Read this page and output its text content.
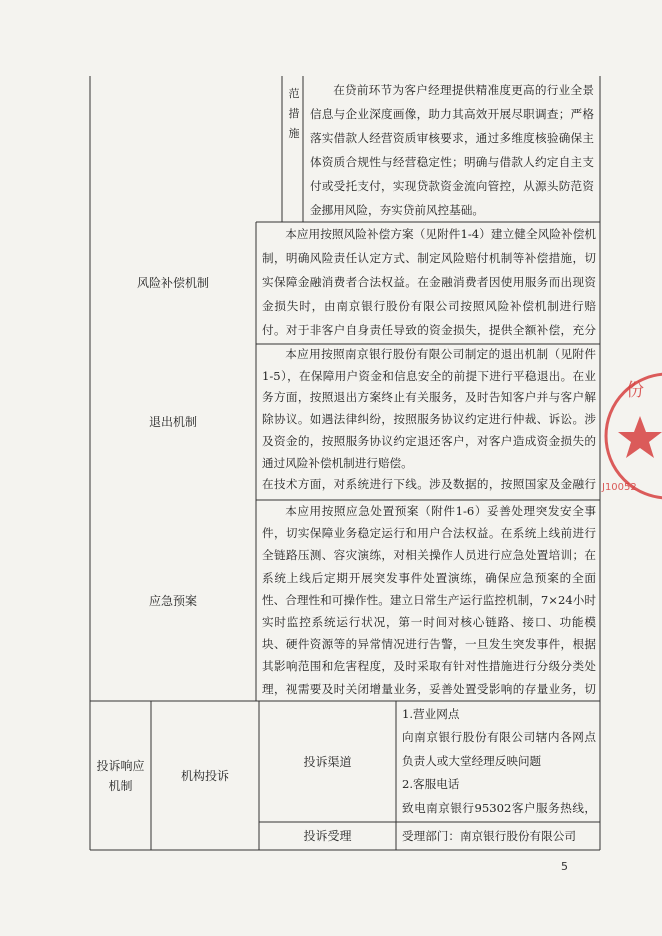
范
措
施

在贷前环节为客户经理提供精准度更高的行业全景信息与企业深度画像，助力其高效开展尽职调查；严格落实借款人经营资质审核要求，通过多维度核验确保主体资质合规性与经营稳定性；明确与借款人约定自主支付或受托支付，实现贷款资金流向管控，从源头防范资金挪用风险，夯实贷前风控基础。

风险补偿机制

本应用按照风险补偿方案（见附件1-4）建立健全风险补偿机制，明确风险责任认定方式、制定风险赔付机制等补偿措施，切实保障金融消费者合法权益。在金融消费者因使用服务而出现资金损失时，由南京银行股份有限公司按照风险补偿机制进行赔付。对于非客户自身责任导致的资金损失，提供全额补偿，充分

退出机制

本应用按照南京银行股份有限公司制定的退出机制（见附件1-5），在保障用户资金和信息安全的前提下进行平稳退出。在业务方面，按照退出方案终止有关服务，及时告知客户并与客户解除协议。如遇法律纠纷，按照服务协议约定进行仲裁、诉讼。涉及资金的，按照服务协议约定退还客户，对客户造成资金损失的通过风险补偿机制进行赔偿。

在技术方面，对系统进行下线。涉及数据的，按照国家及金融行

应急预案

本应用按照应急处置预案（附件1-6）妥善处理突发安全事件，切实保障业务稳定运行和用户合法权益。在系统上线前进行全链路压测、容灾演练，对相关操作人员进行应急处置培训；在系统上线后定期开展突发事件处置演练，确保应急预案的全面性、合理性和可操作性。建立日常生产运行监控机制，7×24小时实时监控系统运行状况，第一时间对核心链路、接口、功能模块、硬件资源等的异常情况进行告警，一旦发生突发事件，根据其影响范围和危害程度，及时采取有针对性措施进行分级分类处理，视需要及时关闭增量业务，妥善处置受影响的存量业务，切

投诉响应
机制
机构投诉
投诉渠道

1.营业网点

向南京银行股份有限公司辖内各网点负责人或大堂经理反映问题

2.客服电话

致电南京银行95302客户服务热线，

投诉受理	受理部门：南京银行股份有限公司

份
J10052
5
